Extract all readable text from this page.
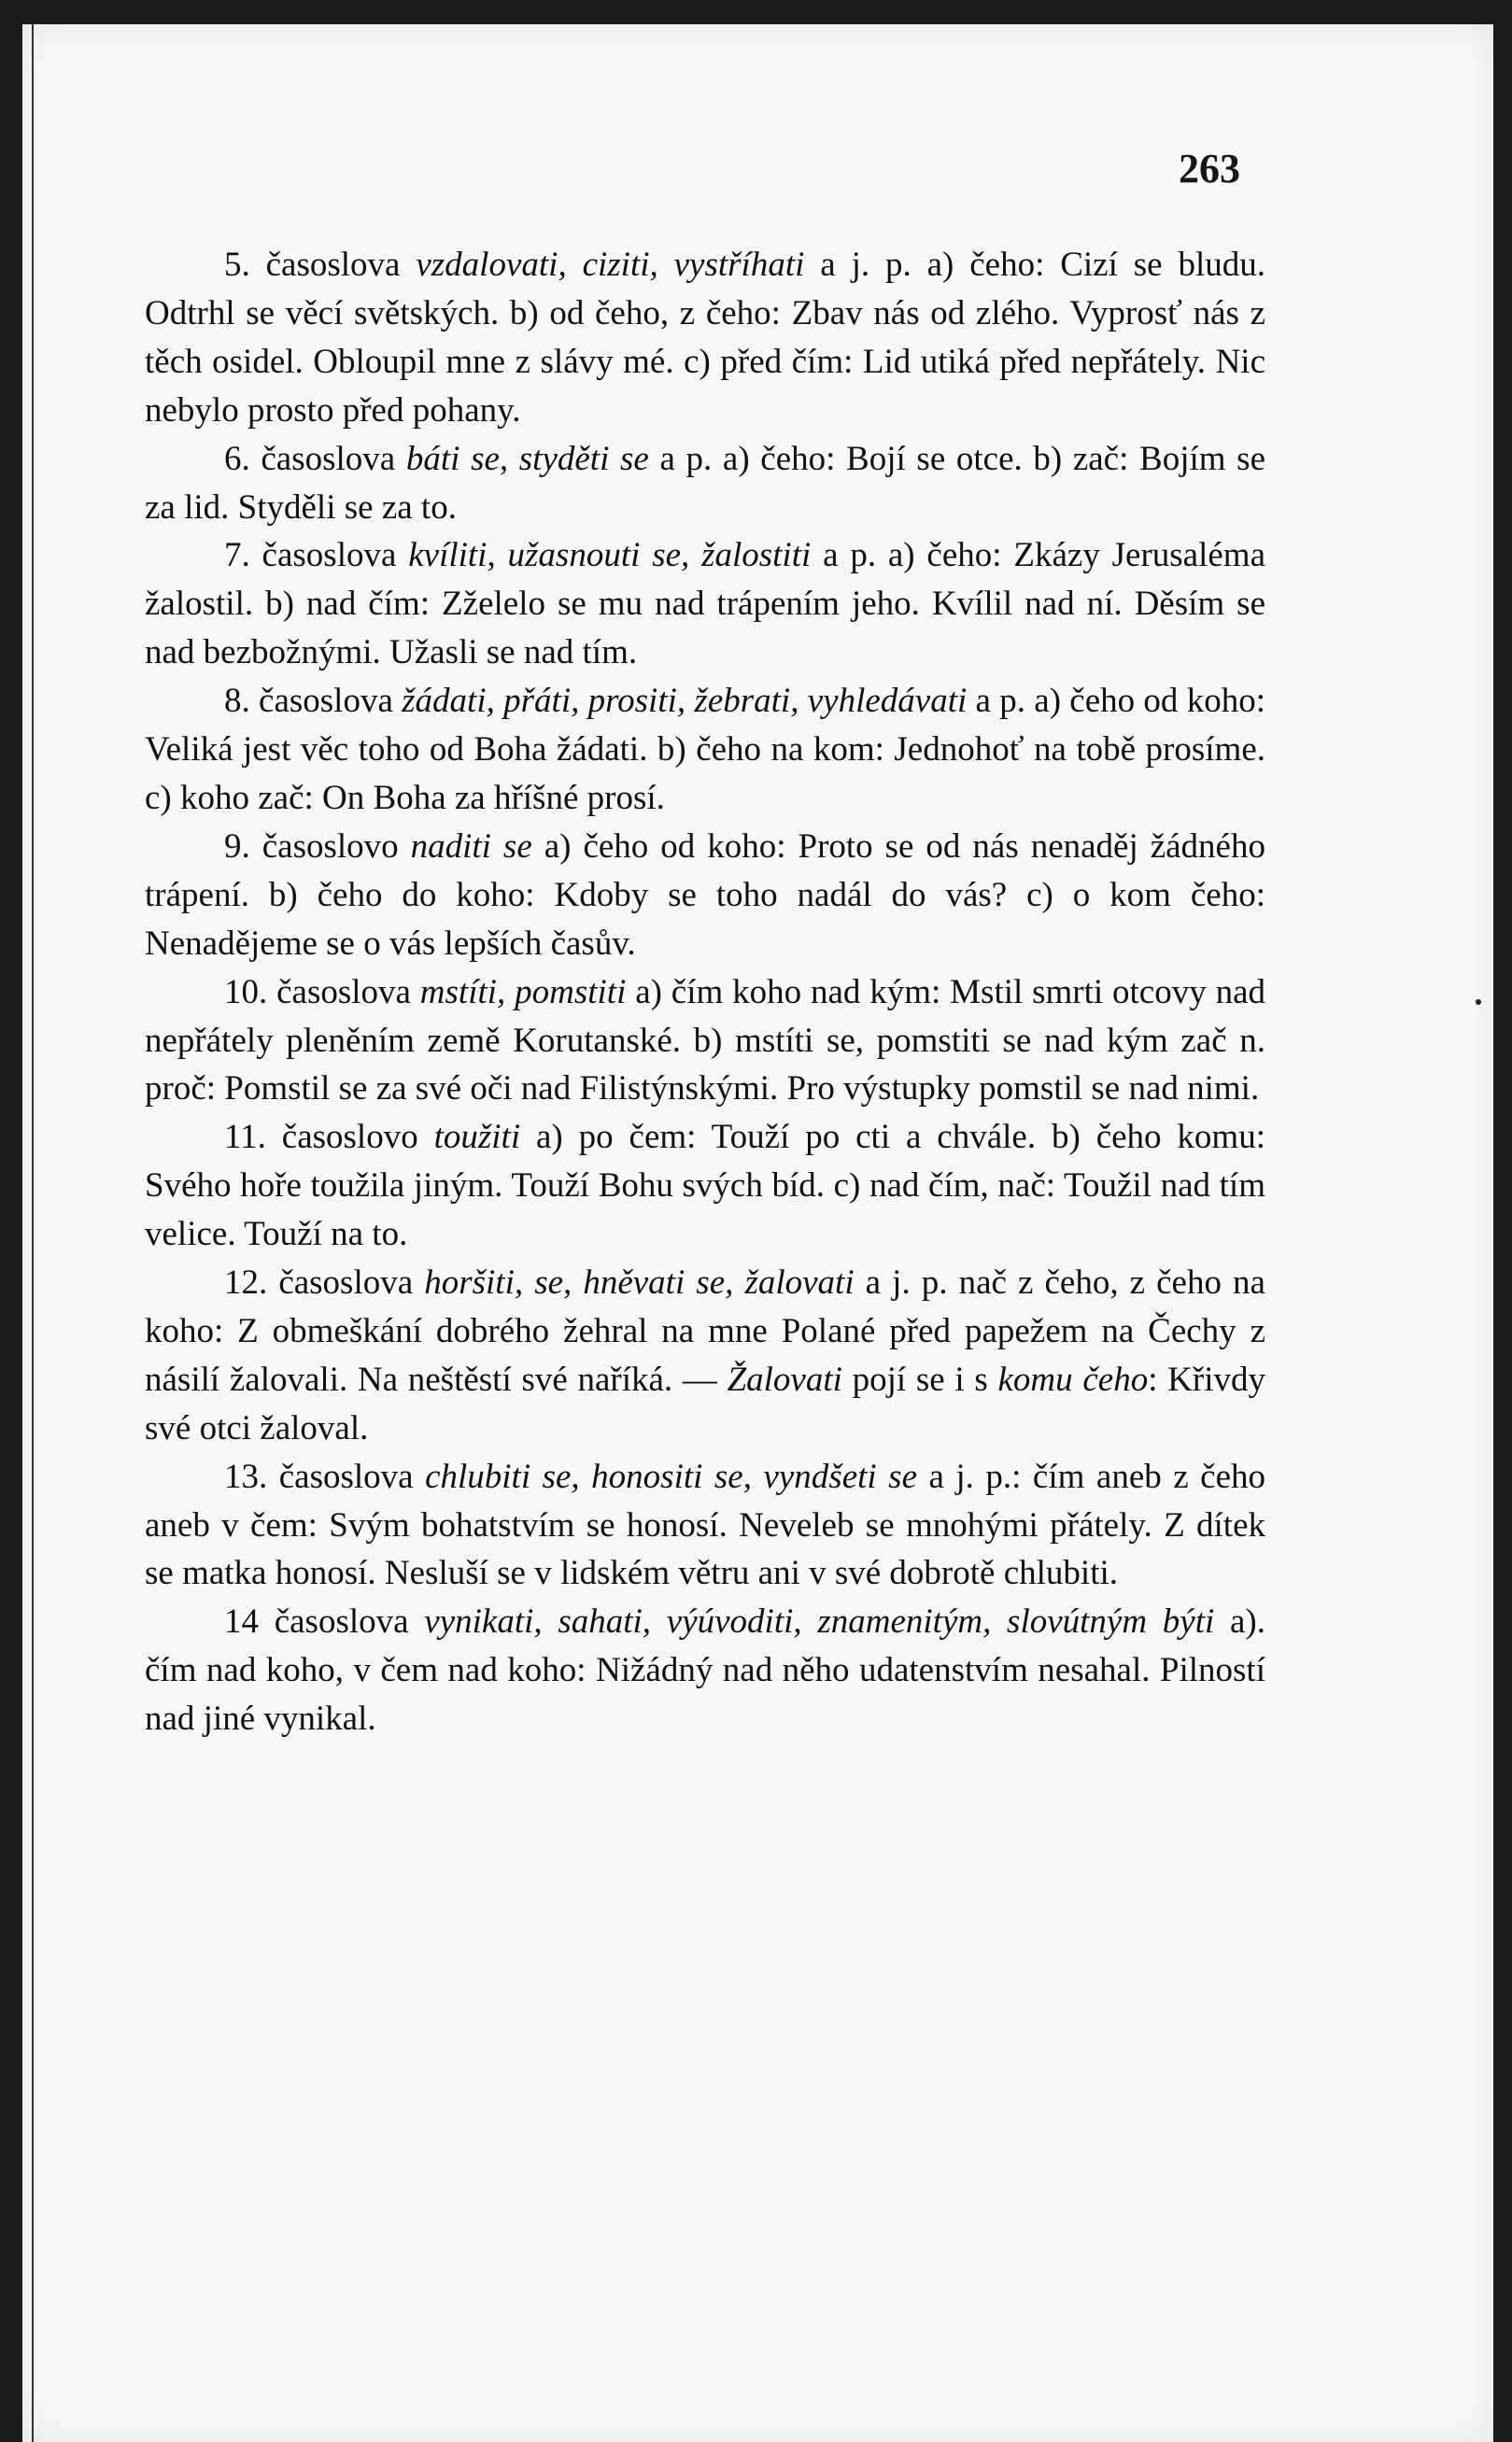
263

5. časoslova vzdalovati, ciziti, vystříhati a j. p. a) čeho: Cizí se bludu. Odtrhl se věcí světských. b) od čeho, z čeho: Zbav nás od zlého. Vyprosť nás z těch osidel. Obloupil mne z slávy mé. c) před čím: Lid utiká před nepřátely. Nic nebylo prosto před pohany.

6. časoslova báti se, styděti se a p. a) čeho: Bojí se otce. b) zač: Bojím se za lid. Styděli se za to.

7. časoslova kvíliti, užasnouti se, žalostiti a p. a) čeho: Zkázy Jerusaléma žalostil. b) nad čím: Zželelo se mu nad trápením jeho. Kvílil nad ní. Děsím se nad bezbožnými. Užasli se nad tím.

8. časoslova žádati, přáti, prositi, žebrati, vyhledávati a p. a) čeho od koho: Veliká jest věc toho od Boha žádati. b) čeho na kom: Jednohoť na tobě prosíme. c) koho zač: On Boha za hříšné prosí.

9. časoslovo naditi se a) čeho od koho: Proto se od nás nenaděj žádného trápení. b) čeho do koho: Kdoby se toho nadál do vás? c) o kom čeho: Nenadějeme se o vás lepších časův.

10. časoslova mstíti, pomstiti a) čím koho nad kým: Mstil smrti otcovy nad nepřátely pleněním země Korutanské. b) mstíti se, pomstiti se nad kým zač n. proč: Pomstil se za své oči nad Filistýnskými. Pro výstupky pomstil se nad nimi.

11. časoslovo toužiti a) po čem: Touží po cti a chvále. b) čeho komu: Svého hoře toužila jiným. Touží Bohu svých bíd. c) nad čím, nač: Toužil nad tím velice. Touží na to.

12. časoslova horšiti, se, hněvati se, žalovati a j. p. nač z čeho, z čeho na koho: Z obmeškání dobrého žehral na mne Polané před papežem na Čechy z násilí žalovali. Na neštěstí své naříká. — Žalovati pojí se i s komu čeho: Křivdy své otci žaloval.

13. časoslova chlubiti se, honositi se, vyndšeti se a j. p.: čím aneb z čeho aneb v čem: Svým bohatstvím se honosí. Neveleb se mnohými přátely. Z dítek se matka honosí. Nesluší se v lidském větru ani v své dobrotě chlubiti.

14 časoslova vynikati, sahati, výúvoditi, znamenitým, slovútným býti a). čím nad koho, v čem nad koho: Nižádný nad něho udatenstvím nesahal. Pilností nad jiné vynikal.
